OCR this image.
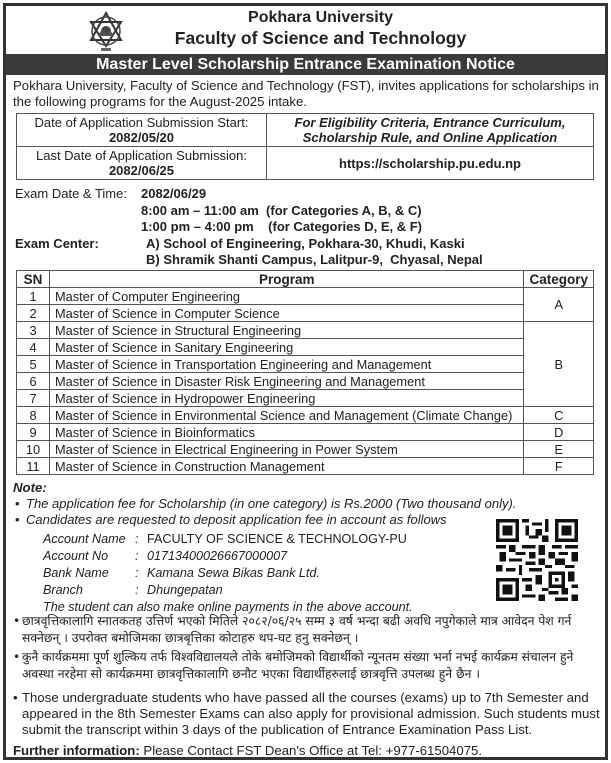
Pokhara University
Faculty of Science and Technology
Master Level Scholarship Entrance Examination Notice
Pokhara University, Faculty of Science and Technology (FST), invites applications for scholarships in the following programs for the August-2025 intake.
Date of Application Submission Start:
2082/05/20	For Eligibility Criteria, Entrance Curriculum, Scholarship Rule, and Online Application

Last Date of Application Submission:
2082/06/25	https://scholarship.pu.edu.np
Exam Date & Time: 2082/06/29
8:00 am – 11:00 am  (for Categories A, B, & C)
1:00 pm – 4:00 pm    (for Categories D, E, & F)
Exam Center:	A) School of Engineering, Pokhara-30, Khudi, Kaski
B) Shramik Shanti Campus, Lalitpur-9,  Chyasal, Nepal
SN	Program	Category
1	Master of Computer Engineering	A
2	Master of Science in Computer Science	
3	Master of Science in Structural Engineering	B
4	Master of Science in Sanitary Engineering	
5	Master of Science in Transportation Engineering and Management	
6	Master of Science in Disaster Risk Engineering and Management	
7	Master of Science in Hydropower Engineering	
8	Master of Science in Environmental Science and Management (Climate Change)	C
9	Master of Science in Bioinformatics	D
10	Master of Science in Electrical Engineering in Power System	E
11	Master of Science in Construction Management	F
Note:
• The application fee for Scholarship (in one category) is Rs.2000 (Two thousand only).
• Candidates are requested to deposit application fee in account as follows
Account Name : FACULTY OF SCIENCE & TECHNOLOGY-PU
Account No : 01713400026667000007
Bank Name : Kamana Sewa Bikas Bank Ltd.
Branch	: Dhungepatan
The student can also make online payments in the above account.

• छात्रवृत्तिकालागि स्नातकतह उत्तिर्ण भएको मितिले २०८२/०६/२५ सम्म ३ वर्ष भन्दा बढी अवधि नपुगेकाले मात्र आवेदन पेश गर्न सक्नेछन् । उपरोक्त बमोजिमका छात्रबृत्तिका कोटाहरु थप-घट हनु सक्नेछन् ।

• कुनै कार्यक्रममा पूर्ण शुल्किय तर्फ विश्वविद्यालयले तोके बमोजिमको विद्यार्थीको न्यूनतम संख्या भर्ना नभई कार्यक्रम संचालन हुने अवस्था नरहेमा सो कार्यक्रममा छात्रवृत्तिकालागि छनौट भएका विद्यार्थीहरुलाई छात्रवृत्ति उपलब्ध हुने छैन ।

• Those undergraduate students who have passed all the courses (exams) up to 7th Semester and appeared in the 8th Semester Exams can also apply for provisional admission. Such students must submit the transcript within 3 days of the publication of Entrance Examination Pass List.

Further information: Please Contact FST Dean's Office at Tel: +977-61504075.
